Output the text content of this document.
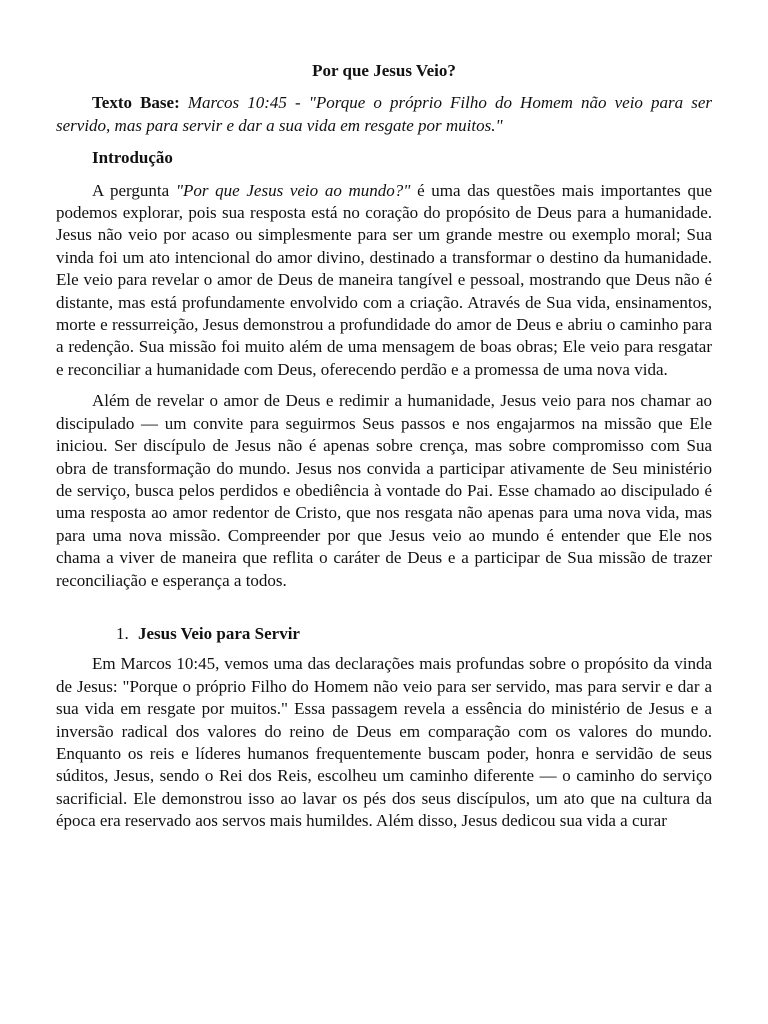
Por que Jesus Veio?

Texto Base: Marcos 10:45 - "Porque o próprio Filho do Homem não veio para ser servido, mas para servir e dar a sua vida em resgate por muitos."

Introdução

A pergunta "Por que Jesus veio ao mundo?" é uma das questões mais importantes que podemos explorar, pois sua resposta está no coração do propósito de Deus para a humanidade. Jesus não veio por acaso ou simplesmente para ser um grande mestre ou exemplo moral; Sua vinda foi um ato intencional do amor divino, destinado a transformar o destino da humanidade. Ele veio para revelar o amor de Deus de maneira tangível e pessoal, mostrando que Deus não é distante, mas está profundamente envolvido com a criação. Através de Sua vida, ensinamentos, morte e ressurreição, Jesus demonstrou a profundidade do amor de Deus e abriu o caminho para a redenção. Sua missão foi muito além de uma mensagem de boas obras; Ele veio para resgatar e reconciliar a humanidade com Deus, oferecendo perdão e a promessa de uma nova vida.

Além de revelar o amor de Deus e redimir a humanidade, Jesus veio para nos chamar ao discipulado — um convite para seguirmos Seus passos e nos engajarmos na missão que Ele iniciou. Ser discípulo de Jesus não é apenas sobre crença, mas sobre compromisso com Sua obra de transformação do mundo. Jesus nos convida a participar ativamente de Seu ministério de serviço, busca pelos perdidos e obediência à vontade do Pai. Esse chamado ao discipulado é uma resposta ao amor redentor de Cristo, que nos resgata não apenas para uma nova vida, mas para uma nova missão. Compreender por que Jesus veio ao mundo é entender que Ele nos chama a viver de maneira que reflita o caráter de Deus e a participar de Sua missão de trazer reconciliação e esperança a todos.

1. Jesus Veio para Servir

Em Marcos 10:45, vemos uma das declarações mais profundas sobre o propósito da vinda de Jesus: "Porque o próprio Filho do Homem não veio para ser servido, mas para servir e dar a sua vida em resgate por muitos." Essa passagem revela a essência do ministério de Jesus e a inversão radical dos valores do reino de Deus em comparação com os valores do mundo. Enquanto os reis e líderes humanos frequentemente buscam poder, honra e servidão de seus súditos, Jesus, sendo o Rei dos Reis, escolheu um caminho diferente — o caminho do serviço sacrificial. Ele demonstrou isso ao lavar os pés dos seus discípulos, um ato que na cultura da época era reservado aos servos mais humildes. Além disso, Jesus dedicou sua vida a curar
